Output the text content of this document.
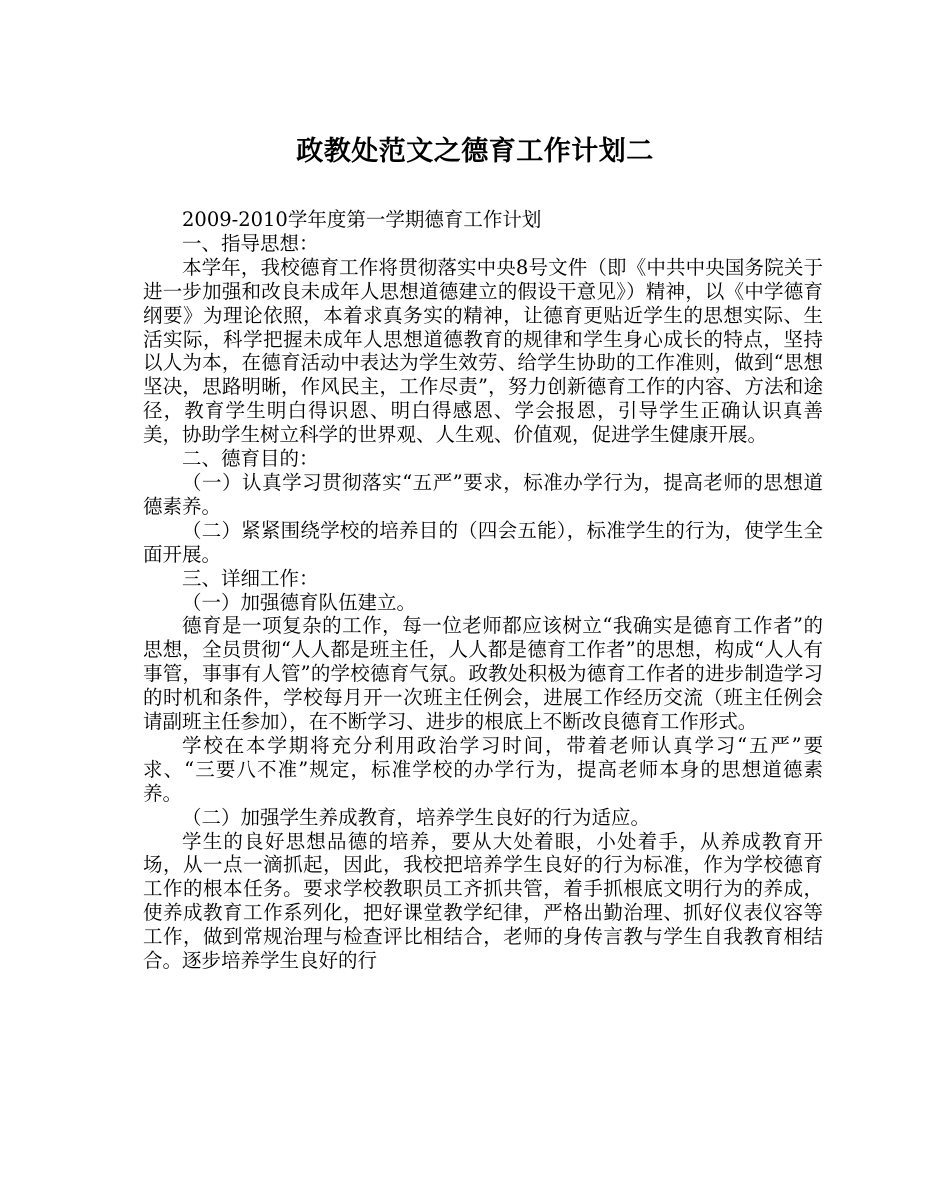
政教处范文之德育工作计划二

2009-2010学年度第一学期德育工作计划

一、指导思想：

本学年，我校德育工作将贯彻落实中央8号文件（即《中共中央国务院关于进一步加强和改良未成年人思想道德建立的假设干意见》）精神，以《中学德育纲要》为理论依照，本着求真务实的精神，让德育更贴近学生的思想实际、生活实际，科学把握未成年人思想道德教育的规律和学生身心成长的特点，坚持以人为本，在德育活动中表达为学生效劳、给学生协助的工作准则，做到“思想坚决，思路明晰，作风民主，工作尽责”，努力创新德育工作的内容、方法和途径，教育学生明白得识恩、明白得感恩、学会报恩，引导学生正确认识真善美，协助学生树立科学的世界观、人生观、价值观，促进学生健康开展。

二、德育目的：

（一）认真学习贯彻落实“五严”要求，标准办学行为，提高老师的思想道德素养。

（二）紧紧围绕学校的培养目的（四会五能），标准学生的行为，使学生全面开展。

三、详细工作：

（一）加强德育队伍建立。

德育是一项复杂的工作，每一位老师都应该树立“我确实是德育工作者”的思想，全员贯彻“人人都是班主任，人人都是德育工作者”的思想，构成“人人有事管，事事有人管”的学校德育气氛。政教处积极为德育工作者的进步制造学习的时机和条件，学校每月开一次班主任例会，进展工作经历交流（班主任例会请副班主任参加），在不断学习、进步的根底上不断改良德育工作形式。

学校在本学期将充分利用政治学习时间，带着老师认真学习“五严”要求、“三要八不准”规定，标准学校的办学行为，提高老师本身的思想道德素养。

（二）加强学生养成教育，培养学生良好的行为适应。

学生的良好思想品德的培养，要从大处着眼，小处着手，从养成教育开场，从一点一滴抓起，因此，我校把培养学生良好的行为标准，作为学校德育工作的根本任务。要求学校教职员工齐抓共管，着手抓根底文明行为的养成，使养成教育工作系列化，把好课堂教学纪律，严格出勤治理、抓好仪表仪容等工作，做到常规治理与检查评比相结合，老师的身传言教与学生自我教育相结合。逐步培养学生良好的行
